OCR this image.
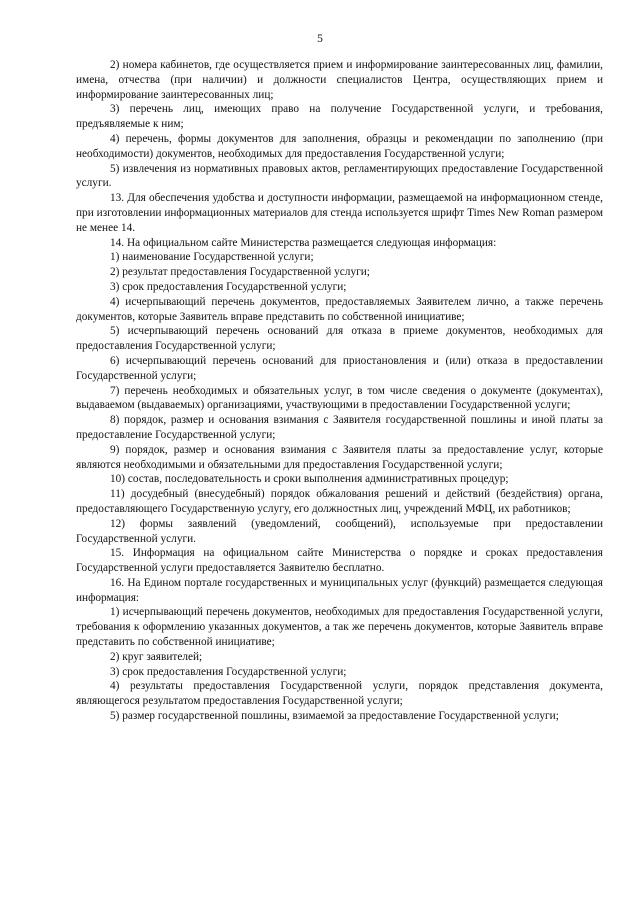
5

2) номера кабинетов, где осуществляется прием и информирование заинтересованных лиц, фамилии, имена, отчества (при наличии) и должности специалистов Центра, осуществляющих прием и информирование заинтересованных лиц;

3) перечень лиц, имеющих право на получение Государственной услуги, и требования, предъявляемые к ним;

4) перечень, формы документов для заполнения, образцы и рекомендации по заполнению (при необходимости) документов, необходимых для предоставления Государственной услуги;

5) извлечения из нормативных правовых актов, регламентирующих предоставление Государственной услуги.

13. Для обеспечения удобства и доступности информации, размещаемой на информационном стенде, при изготовлении информационных материалов для стенда используется шрифт Times New Roman размером не менее 14.

14. На официальном сайте Министерства размещается следующая информация:

1) наименование Государственной услуги;

2) результат предоставления Государственной услуги;

3) срок предоставления Государственной услуги;

4) исчерпывающий перечень документов, предоставляемых Заявителем лично, а также перечень документов, которые Заявитель вправе представить по собственной инициативе;

5) исчерпывающий перечень оснований для отказа в приеме документов, необходимых для предоставления Государственной услуги;

6) исчерпывающий перечень оснований для приостановления и (или) отказа в предоставлении Государственной услуги;

7) перечень необходимых и обязательных услуг, в том числе сведения о документе (документах), выдаваемом (выдаваемых) организациями, участвующими в предоставлении Государственной услуги;

8) порядок, размер и основания взимания с Заявителя государственной пошлины и иной платы за предоставление Государственной услуги;

9) порядок, размер и основания взимания с Заявителя платы за предоставление услуг, которые являются необходимыми и обязательными для предоставления Государственной услуги;

10) состав, последовательность и сроки выполнения административных процедур;

11) досудебный (внесудебный) порядок обжалования решений и действий (бездействия) органа, предоставляющего Государственную услугу, его должностных лиц, учреждений МФЦ, их работников;

12) формы заявлений (уведомлений, сообщений), используемые при предоставлении Государственной услуги.

15. Информация на официальном сайте Министерства о порядке и сроках предоставления Государственной услуги предоставляется Заявителю бесплатно.

16. На Едином портале государственных и муниципальных услуг (функций) размещается следующая информация:

1) исчерпывающий перечень документов, необходимых для предоставления Государственной услуги, требования к оформлению указанных документов, а так же перечень документов, которые Заявитель вправе представить по собственной инициативе;

2) круг заявителей;

3) срок предоставления Государственной услуги;

4) результаты предоставления Государственной услуги, порядок представления документа, являющегося результатом предоставления Государственной услуги;

5) размер государственной пошлины, взимаемой за предоставление Государственной услуги;
